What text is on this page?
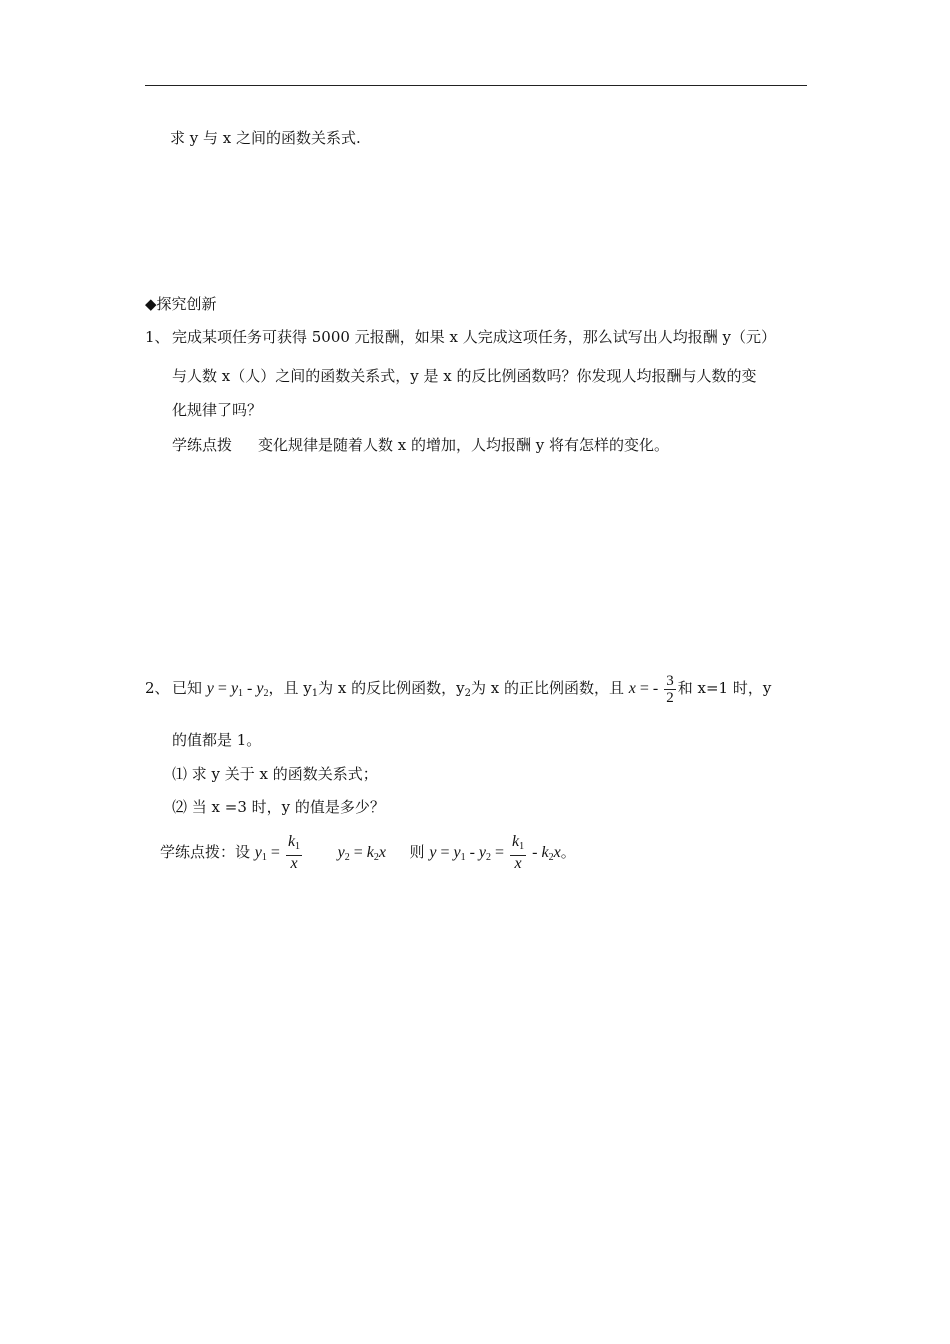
求 y 与 x 之间的函数关系式.
◆探究创新
1、 完成某项任务可获得 5000 元报酬，如果 x 人完成这项任务，那么试写出人均报酬 y（元）
与人数 x（人）之间的函数关系式，y 是 x 的反比例函数吗？你发现人均报酬与人数的变
化规律了吗？
学练点拨 变化规律是随着人数 x 的增加，人均报酬 y 将有怎样的变化。
2、 已知 $y = y_1 - y_2$，且 $y_1$为 x 的反比例函数，$y_2$为 x 的正比例函数，且 x = - $\frac{3}{2}$ 和 x=1 时，y
的值都是 1。
⑴ 求 y 关于 x 的函数关系式；
⑵ 当 x =3 时，y 的值是多少？
学练点拨：设 $y_1 = \frac{k_1}{x} y_2 = k_2x$ 则 $y = y_1 - y_2 = \frac{k_1}{x} - k_2x$。
